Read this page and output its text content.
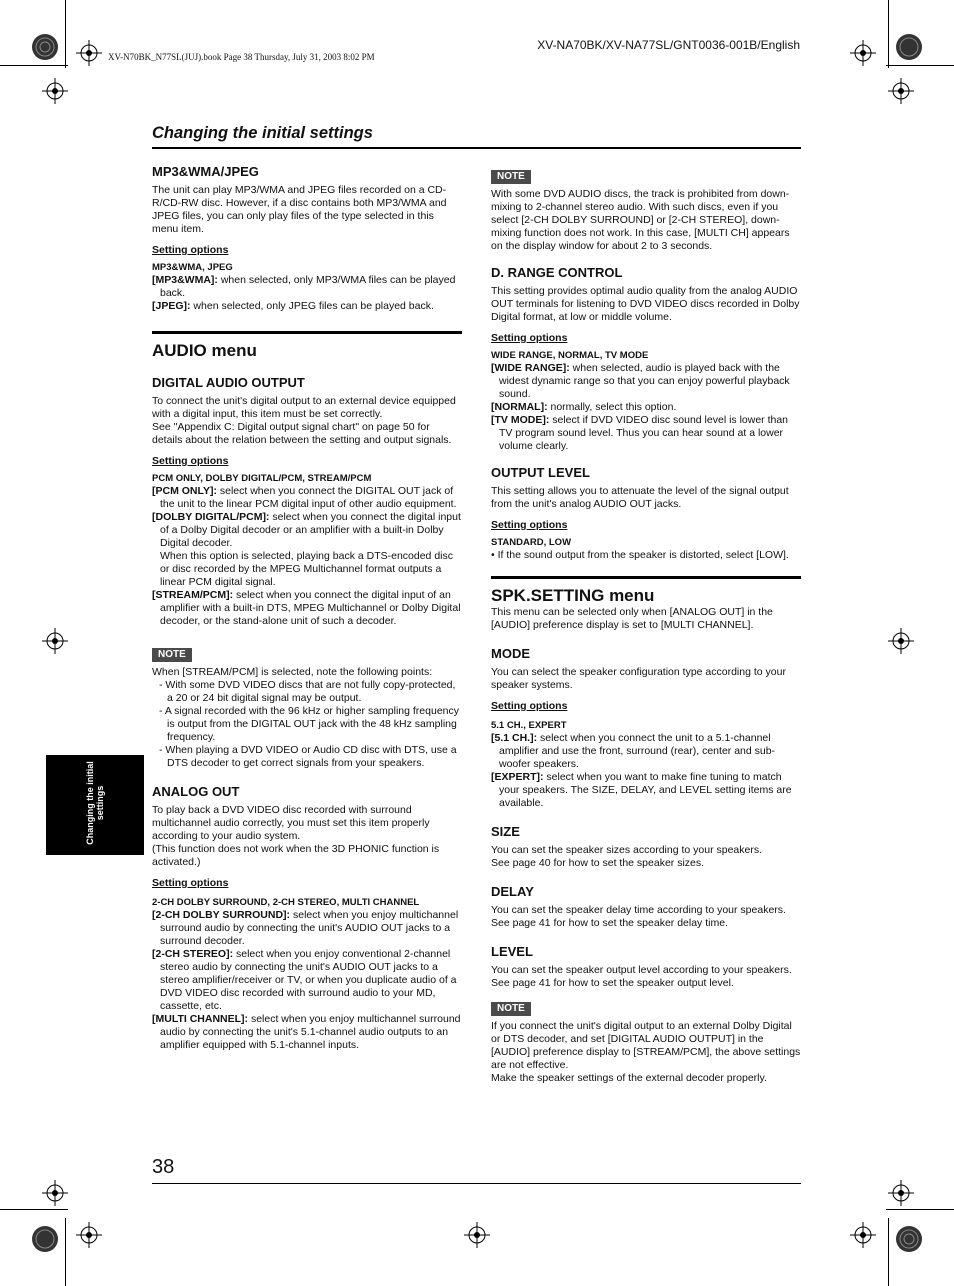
XV-N70BK_N77SL(JUJ).book Page 38 Thursday, July 31, 2003 8:02 PM
XV-NA70BK/XV-NA77SL/GNT0036-001B/English
Changing the initial settings
MP3&WMA/JPEG

The unit can play MP3/WMA and JPEG files recorded on a CD-R/CD-RW disc. However, if a disc contains both MP3/WMA and JPEG files, you can only play files of the type selected in this menu item.

Setting options

MP3&WMA, JPEG

[MP3&WMA]: when selected, only MP3/WMA files can be played back.

[JPEG]: when selected, only JPEG files can be played back.

AUDIO menu
DIGITAL AUDIO OUTPUT

To connect the unit's digital output to an external device equipped with a digital input, this item must be set correctly.

See "Appendix C: Digital output signal chart" on page 50 for details about the relation between the setting and output signals.

Setting options

PCM ONLY, DOLBY DIGITAL/PCM, STREAM/PCM

[PCM ONLY]: select when you connect the DIGITAL OUT jack of the unit to the linear PCM digital input of other audio equipment.

[DOLBY DIGITAL/PCM]: select when you connect the digital input of a Dolby Digital decoder or an amplifier with a built-in Dolby Digital decoder.

When this option is selected, playing back a DTS-encoded disc or disc recorded by the MPEG Multichannel format outputs a linear PCM digital signal.

[STREAM/PCM]: select when you connect the digital input of an amplifier with a built-in DTS, MPEG Multichannel or Dolby Digital decoder, or the stand-alone unit of such a decoder.

NOTE

When [STREAM/PCM] is selected, note the following points:

- With some DVD VIDEO discs that are not fully copy-protected, a 20 or 24 bit digital signal may be output.

- A signal recorded with the 96 kHz or higher sampling frequency is output from the DIGITAL OUT jack with the 48 kHz sampling frequency.

- When playing a DVD VIDEO or Audio CD disc with DTS, use a DTS decoder to get correct signals from your speakers.

ANALOG OUT

To play back a DVD VIDEO disc recorded with surround multichannel audio correctly, you must set this item properly according to your audio system.

(This function does not work when the 3D PHONIC function is activated.)

Setting options

2-CH DOLBY SURROUND, 2-CH STEREO, MULTI CHANNEL

[2-CH DOLBY SURROUND]: select when you enjoy multichannel surround audio by connecting the unit's AUDIO OUT jacks to a surround decoder.

[2-CH STEREO]: select when you enjoy conventional 2-channel stereo audio by connecting the unit's AUDIO OUT jacks to a stereo amplifier/receiver or TV, or when you duplicate audio of a DVD VIDEO disc recorded with surround audio to your MD, cassette, etc.

[MULTI CHANNEL]: select when you enjoy multichannel surround audio by connecting the unit's 5.1-channel audio outputs to an amplifier equipped with 5.1-channel inputs.

NOTE

With some DVD AUDIO discs, the track is prohibited from down-mixing to 2-channel stereo audio. With such discs, even if you select [2-CH DOLBY SURROUND] or [2-CH STEREO], down-mixing function does not work. In this case, [MULTI CH] appears on the display window for about 2 to 3 seconds.

D. RANGE CONTROL

This setting provides optimal audio quality from the analog AUDIO OUT terminals for listening to DVD VIDEO discs recorded in Dolby Digital format, at low or middle volume.

Setting options

WIDE RANGE, NORMAL, TV MODE

[WIDE RANGE]: when selected, audio is played back with the widest dynamic range so that you can enjoy powerful playback sound.

[NORMAL]: normally, select this option.

[TV MODE]: select if DVD VIDEO disc sound level is lower than TV program sound level. Thus you can hear sound at a lower volume clearly.

OUTPUT LEVEL

This setting allows you to attenuate the level of the signal output from the unit's analog AUDIO OUT jacks.

Setting options

STANDARD, LOW

• If the sound output from the speaker is distorted, select [LOW].

SPK.SETTING menu

This menu can be selected only when [ANALOG OUT] in the [AUDIO] preference display is set to [MULTI CHANNEL].

MODE

You can select the speaker configuration type according to your speaker systems.

Setting options

5.1 CH., EXPERT

[5.1 CH.]: select when you connect the unit to a 5.1-channel amplifier and use the front, surround (rear), center and sub-woofer speakers.

[EXPERT]: select when you want to make fine tuning to match your speakers. The SIZE, DELAY, and LEVEL setting items are available.

SIZE

You can set the speaker sizes according to your speakers.

See page 40 for how to set the speaker sizes.

DELAY

You can set the speaker delay time according to your speakers.

See page 41 for how to set the speaker delay time.

LEVEL

You can set the speaker output level according to your speakers.

See page 41 for how to set the speaker output level.

NOTE

If you connect the unit's digital output to an external Dolby Digital or DTS decoder, and set [DIGITAL AUDIO OUTPUT] in the [AUDIO] preference display to [STREAM/PCM], the above settings are not effective.

Make the speaker settings of the external decoder properly.

Changing the initial settings
38
